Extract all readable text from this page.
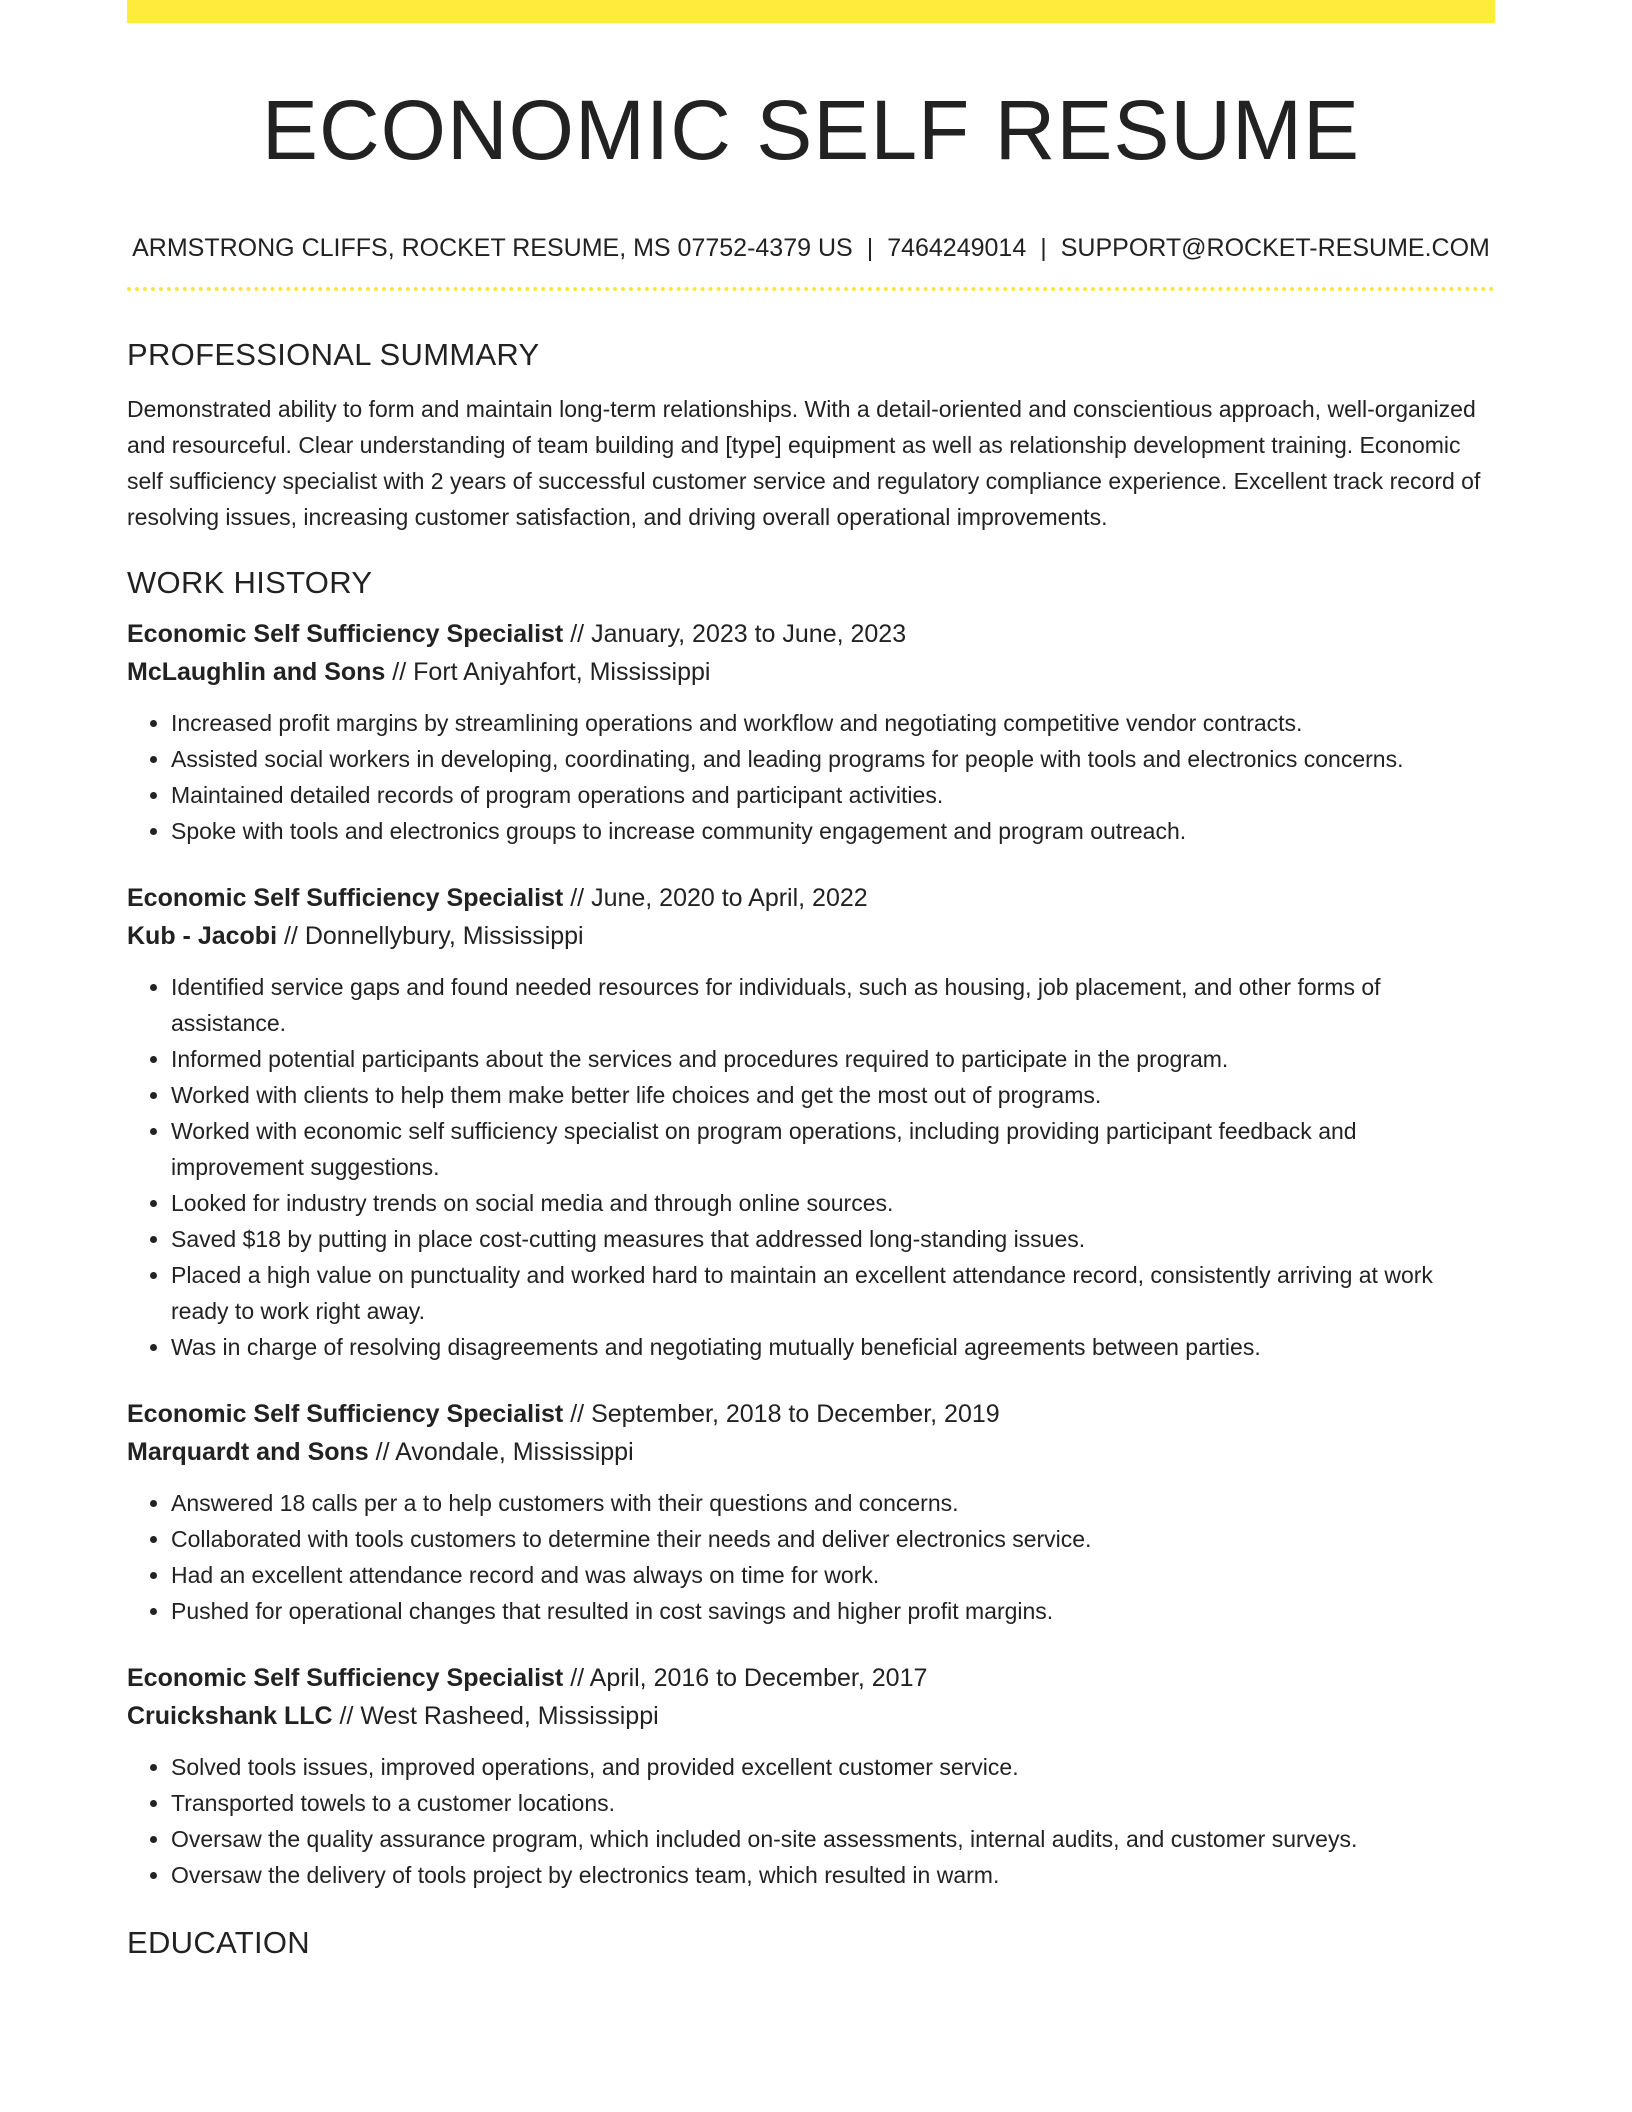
ECONOMIC SELF RESUME
ARMSTRONG CLIFFS, ROCKET RESUME, MS 07752-4379 US | 7464249014 | SUPPORT@ROCKET-RESUME.COM
PROFESSIONAL SUMMARY

Demonstrated ability to form and maintain long-term relationships. With a detail-oriented and conscientious approach, well-organized and resourceful. Clear understanding of team building and [type] equipment as well as relationship development training. Economic self sufficiency specialist with 2 years of successful customer service and regulatory compliance experience. Excellent track record of resolving issues, increasing customer satisfaction, and driving overall operational improvements.

WORK HISTORY
Economic Self Sufficiency Specialist // January, 2023 to June, 2023
McLaughlin and Sons // Fort Aniyahfort, Mississippi
• Increased profit margins by streamlining operations and workflow and negotiating competitive vendor contracts.
• Assisted social workers in developing, coordinating, and leading programs for people with tools and electronics concerns.
• Maintained detailed records of program operations and participant activities.
• Spoke with tools and electronics groups to increase community engagement and program outreach.
Economic Self Sufficiency Specialist // June, 2020 to April, 2022
Kub - Jacobi // Donnellybury, Mississippi
• Identified service gaps and found needed resources for individuals, such as housing, job placement, and other forms of assistance.
• Informed potential participants about the services and procedures required to participate in the program.
• Worked with clients to help them make better life choices and get the most out of programs.
• Worked with economic self sufficiency specialist on program operations, including providing participant feedback and improvement suggestions.
• Looked for industry trends on social media and through online sources.
• Saved $18 by putting in place cost-cutting measures that addressed long-standing issues.
• Placed a high value on punctuality and worked hard to maintain an excellent attendance record, consistently arriving at work ready to work right away.
• Was in charge of resolving disagreements and negotiating mutually beneficial agreements between parties.
Economic Self Sufficiency Specialist // September, 2018 to December, 2019
Marquardt and Sons // Avondale, Mississippi
• Answered 18 calls per a to help customers with their questions and concerns.
• Collaborated with tools customers to determine their needs and deliver electronics service.
• Had an excellent attendance record and was always on time for work.
• Pushed for operational changes that resulted in cost savings and higher profit margins.
Economic Self Sufficiency Specialist // April, 2016 to December, 2017
Cruickshank LLC // West Rasheed, Mississippi
• Solved tools issues, improved operations, and provided excellent customer service.
• Transported towels to a customer locations.
• Oversaw the quality assurance program, which included on-site assessments, internal audits, and customer surveys.
• Oversaw the delivery of tools project by electronics team, which resulted in warm.
EDUCATION
